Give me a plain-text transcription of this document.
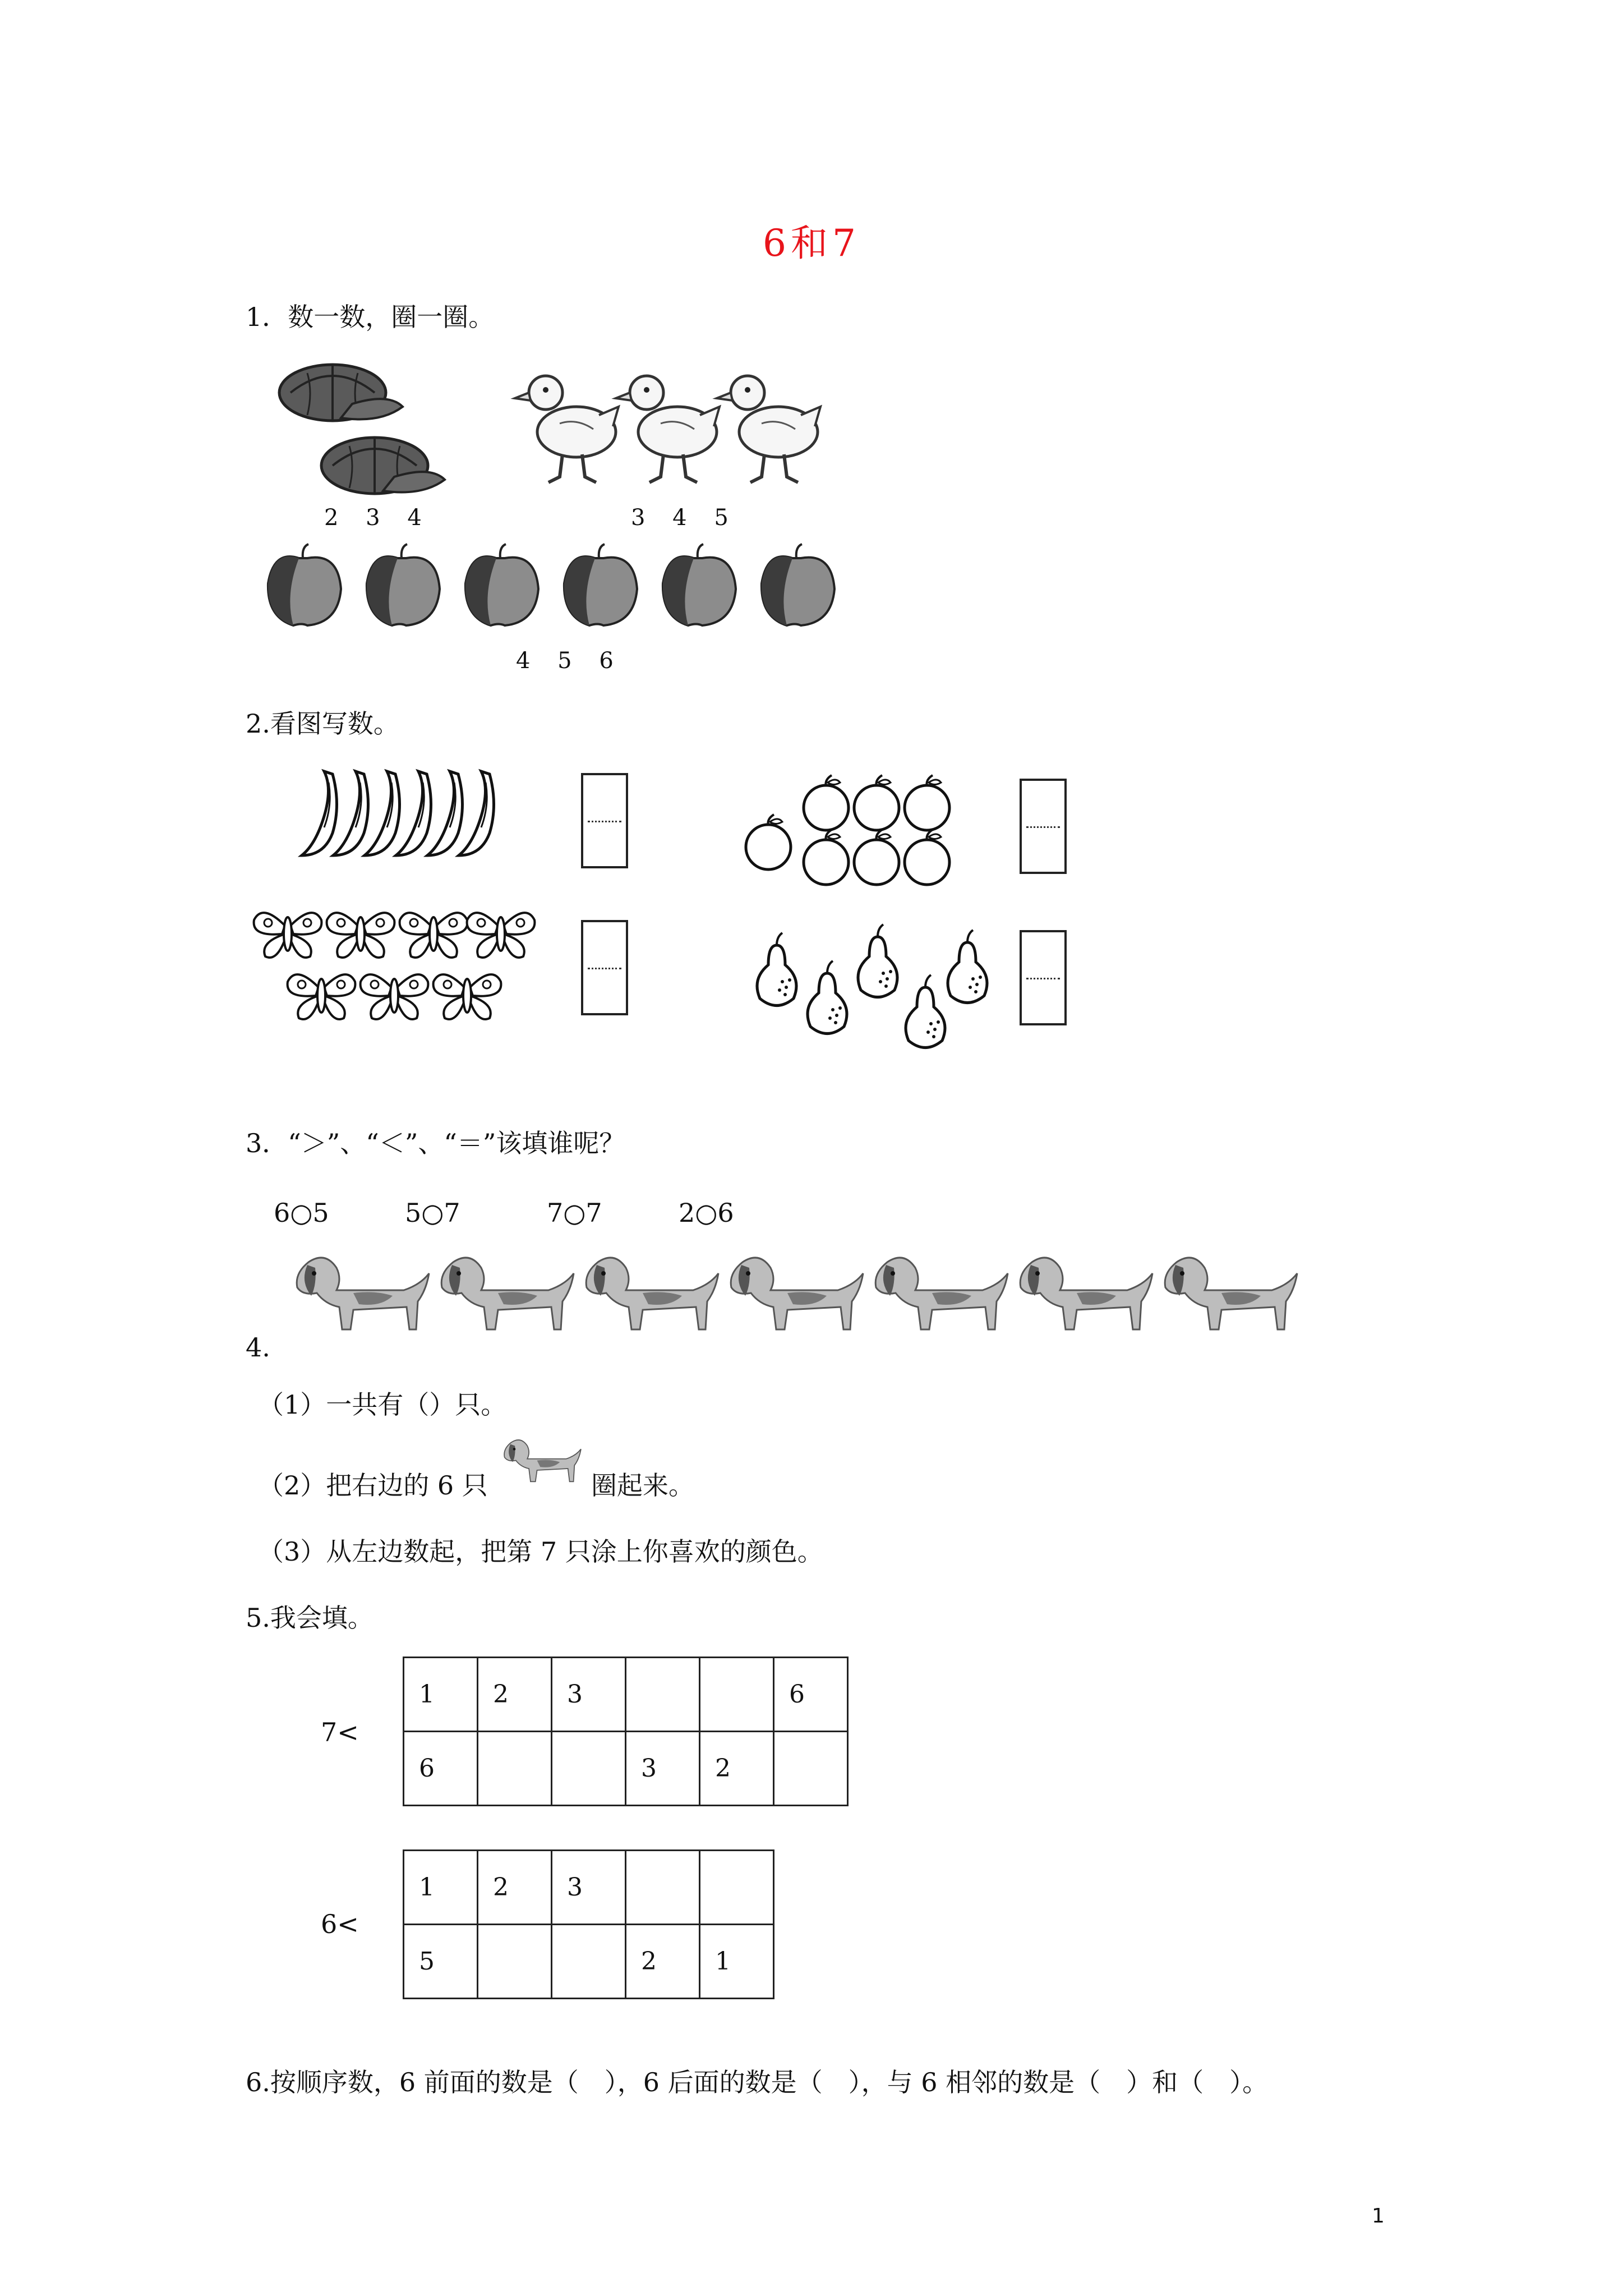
6和7
1．数一数，圈一圈。
2 3 4	3 4 5
4 5 6
2.看图写数。
3．“＞”、“＜”、“＝”该填谁呢？
6○5	5○7	7○7	2○6
4.
（1）一共有（）只。
（2）把右边的 6 只	圈起来。
（3）从左边数起，把第 7 只涂上你喜欢的颜色。
5.我会填。
7<
1	2	3			6
6			3	2	
6<
1	2	3		
5			2	1
6.按顺序数，6 前面的数是（　），6 后面的数是（　），与 6 相邻的数是（　）和（　）。
1
